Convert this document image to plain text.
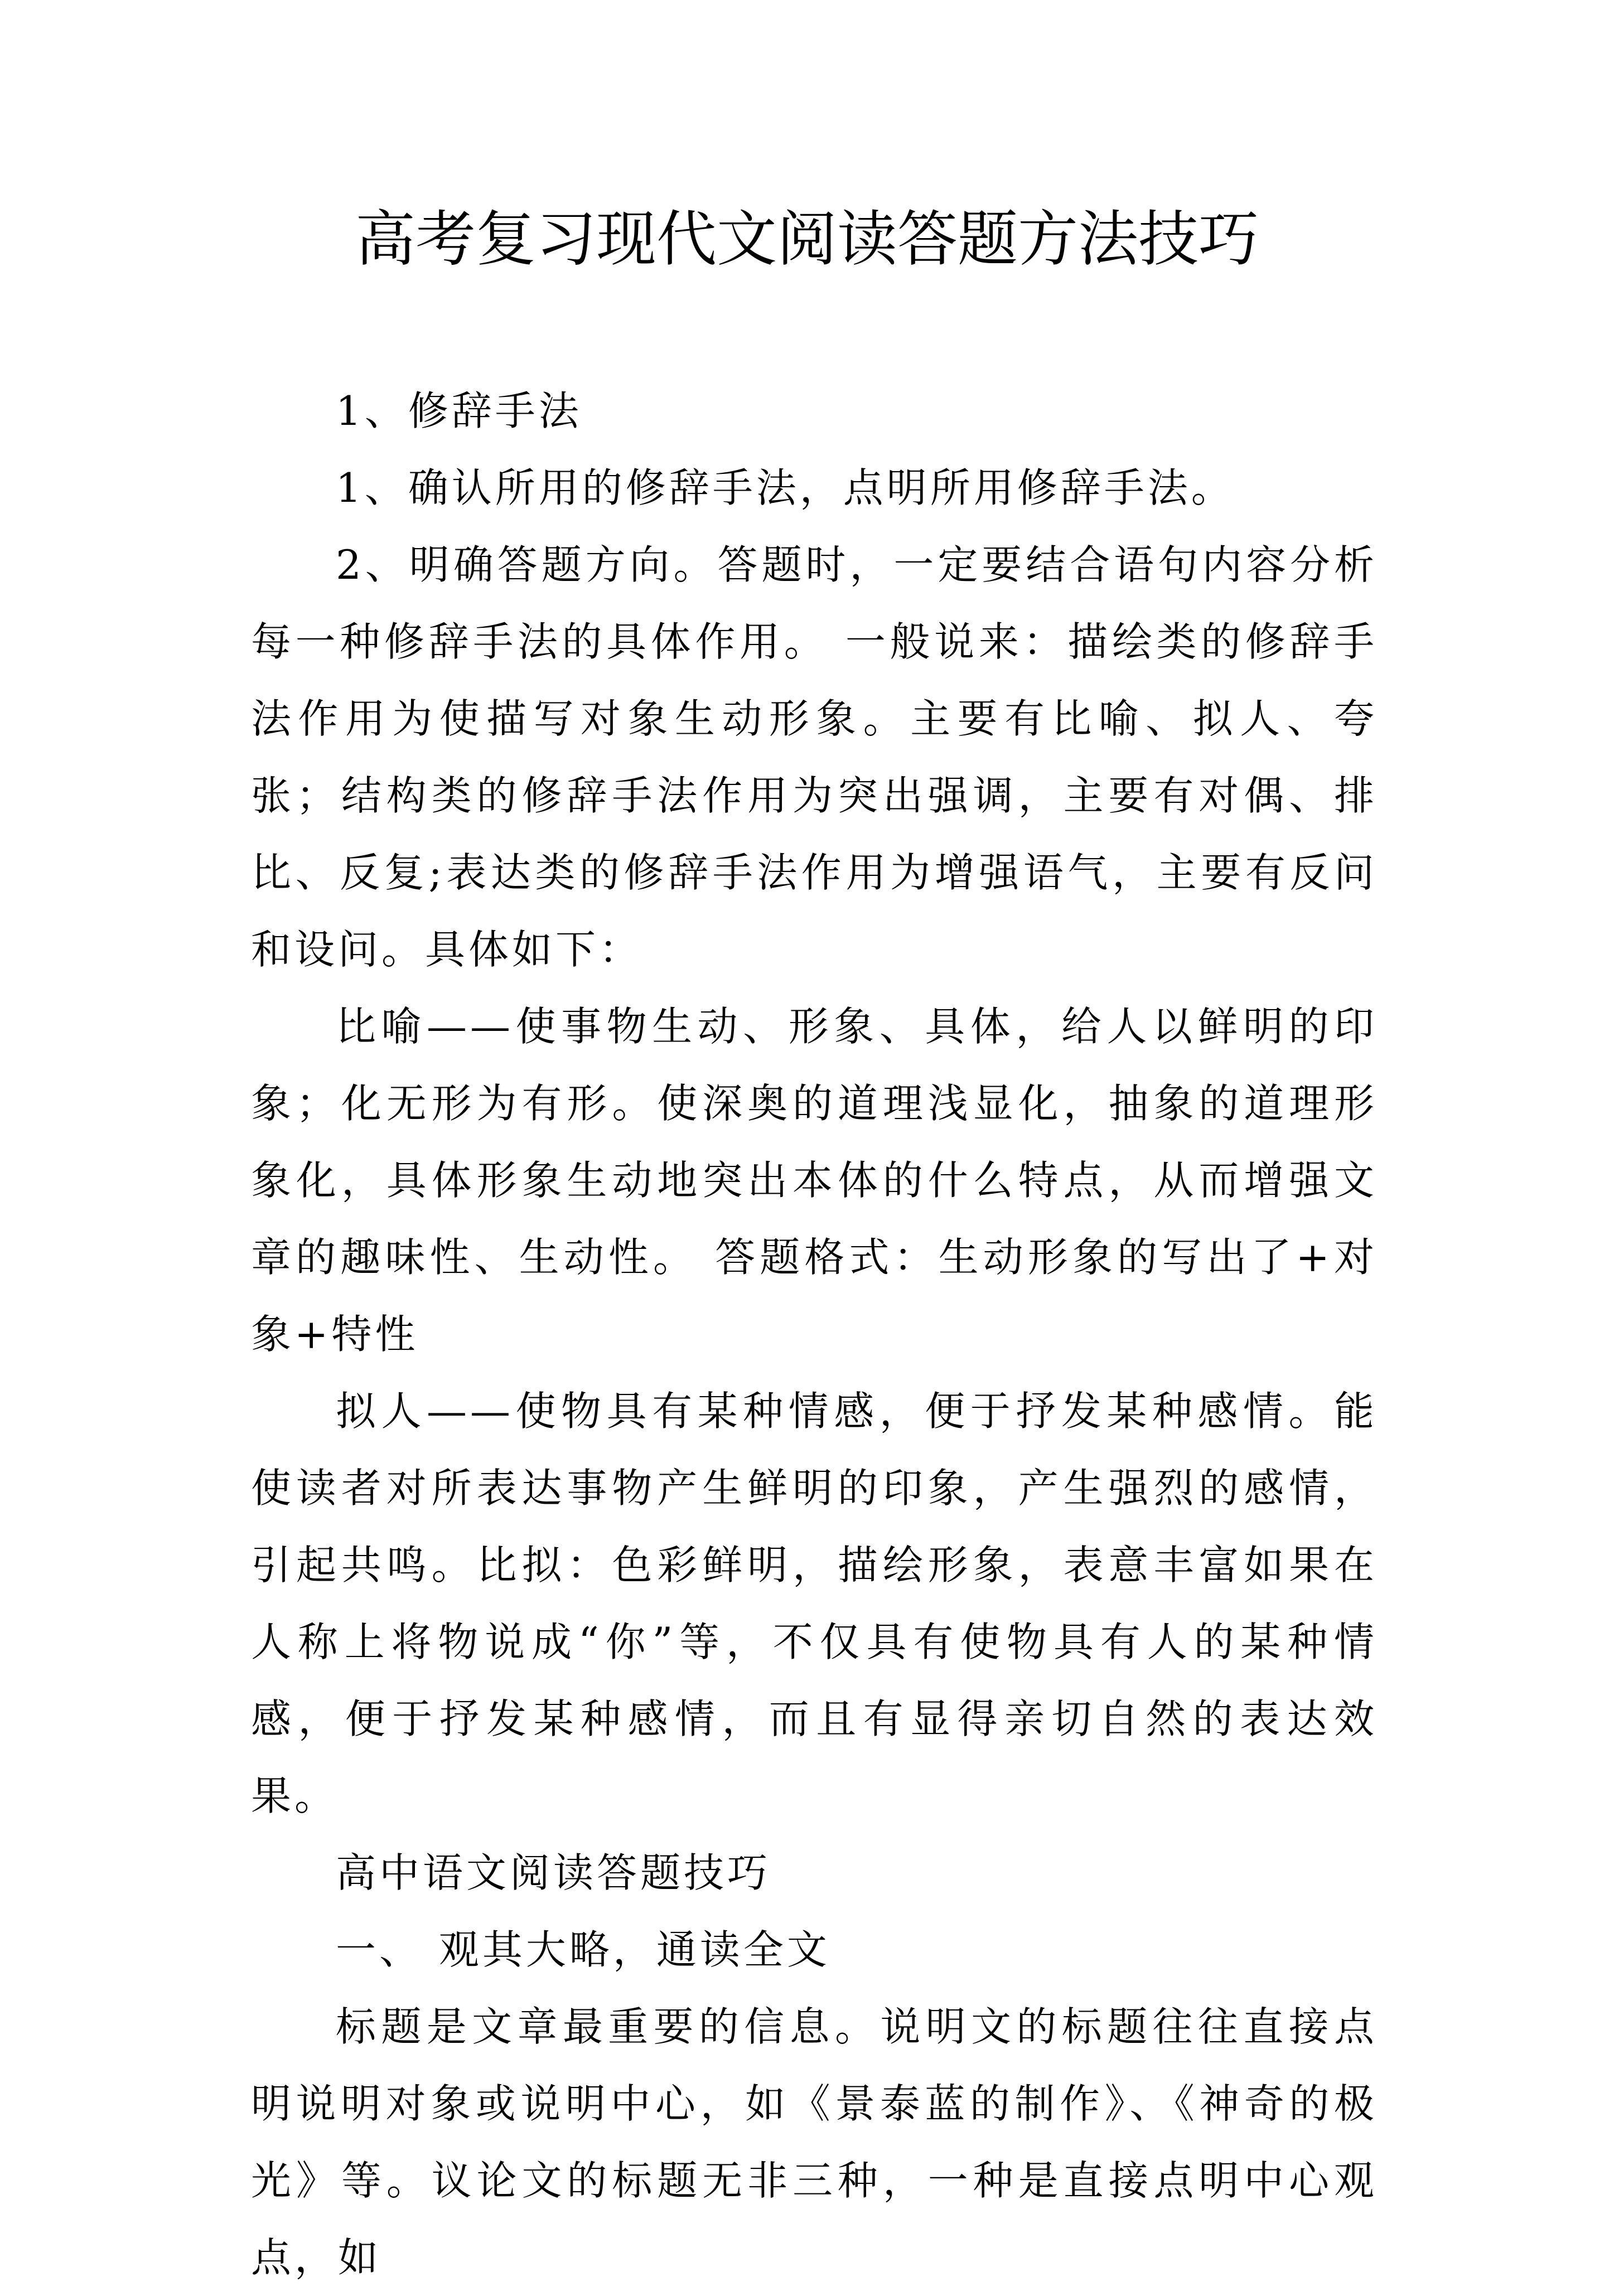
高考复习现代文阅读答题方法技巧

1、修辞手法

1、确认所用的修辞手法，点明所用修辞手法。

2、明确答题方向。答题时，一定要结合语句内容分析每一种修辞手法的具体作用。 一般说来：描绘类的修辞手法作用为使描写对象生动形象。主要有比喻、拟人、夸张；结构类的修辞手法作用为突出强调，主要有对偶、排比、反复;表达类的修辞手法作用为增强语气，主要有反问和设问。具体如下：

比喻——使事物生动、形象、具体，给人以鲜明的印象；化无形为有形。使深奥的道理浅显化，抽象的道理形象化，具体形象生动地突出本体的什么特点，从而增强文章的趣味性、生动性。 答题格式：生动形象的写出了+对象+特性

拟人——使物具有某种情感，便于抒发某种感情。能使读者对所表达事物产生鲜明的印象，产生强烈的感情，引起共鸣。比拟：色彩鲜明，描绘形象，表意丰富如果在人称上将物说成“你”等，不仅具有使物具有人的某种情感，便于抒发某种感情，而且有显得亲切自然的表达效果。

高中语文阅读答题技巧

一、 观其大略，通读全文

标题是文章最重要的信息。说明文的标题往往直接点明说明对象或说明中心，如《景泰蓝的制作》、《神奇的极光》等。议论文的标题无非三种，一种是直接点明中心观点，如
